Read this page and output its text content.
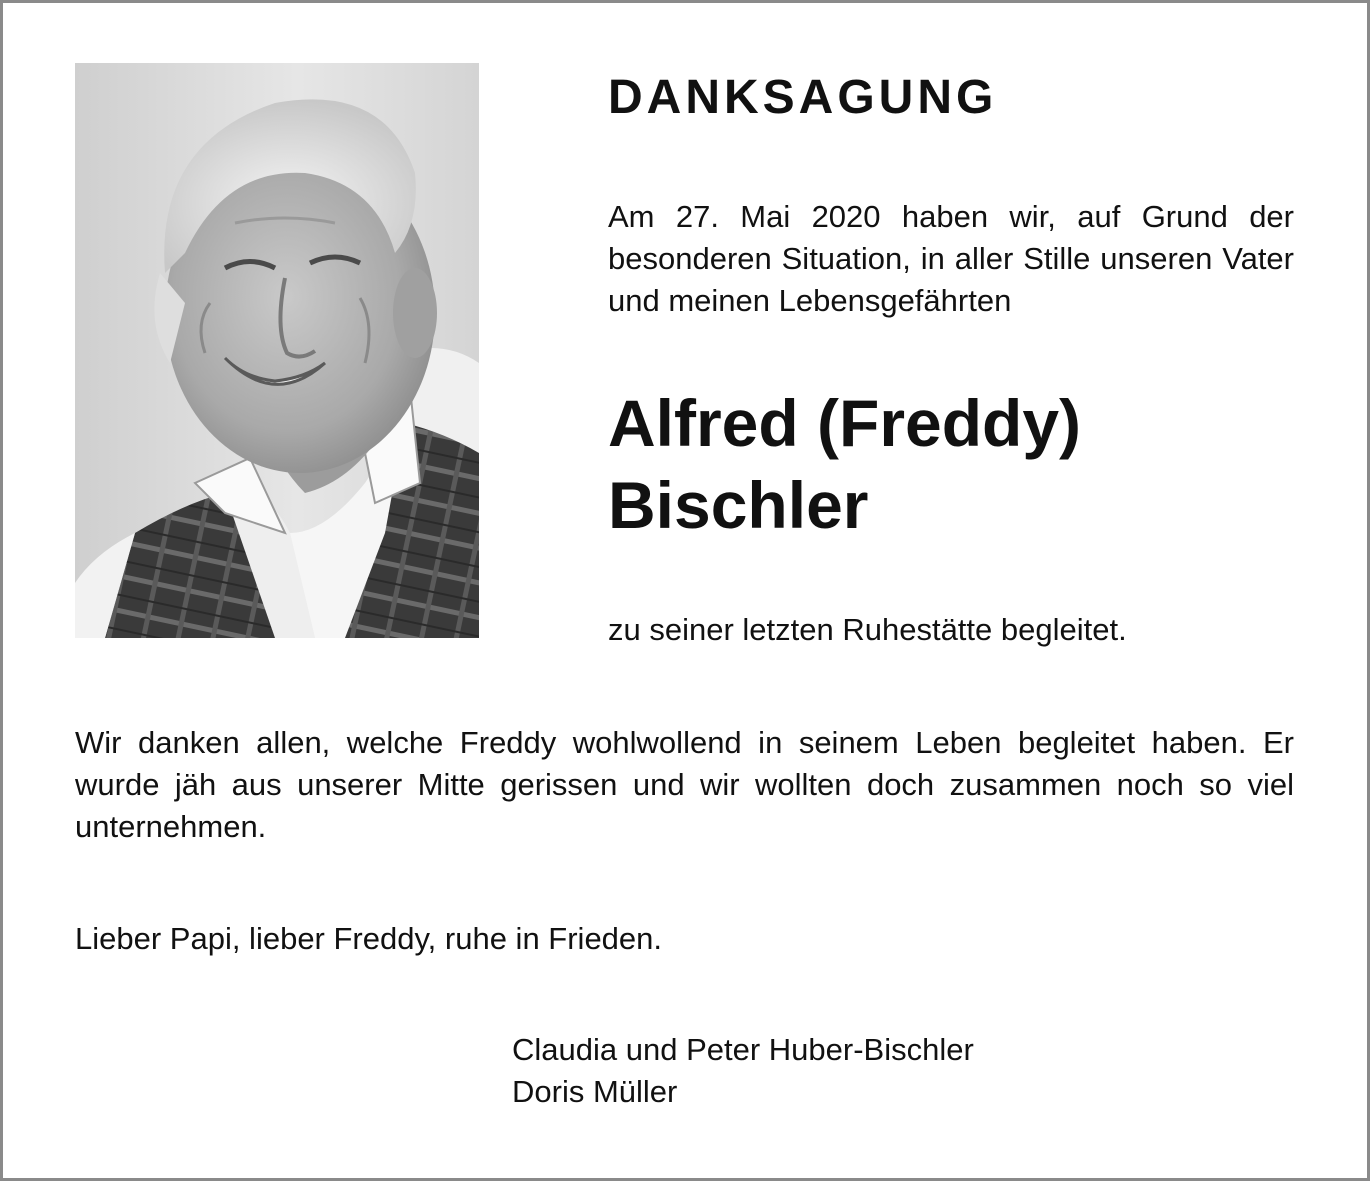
DANKSAGUNG

Am 27. Mai 2020 haben wir, auf Grund der besonderen Situation, in aller Stille unseren Vater und meinen Lebensgefährten

Alfred (Freddy)
Bischler

zu seiner letzten Ruhestätte begleitet.

Wir danken allen, welche Freddy wohlwollend in seinem Leben begleitet haben. Er wurde jäh aus unserer Mitte gerissen und wir wollten doch zusammen noch so viel unternehmen.

Lieber Papi, lieber Freddy, ruhe in Frieden.

Claudia und Peter Huber-Bischler
Doris Müller
